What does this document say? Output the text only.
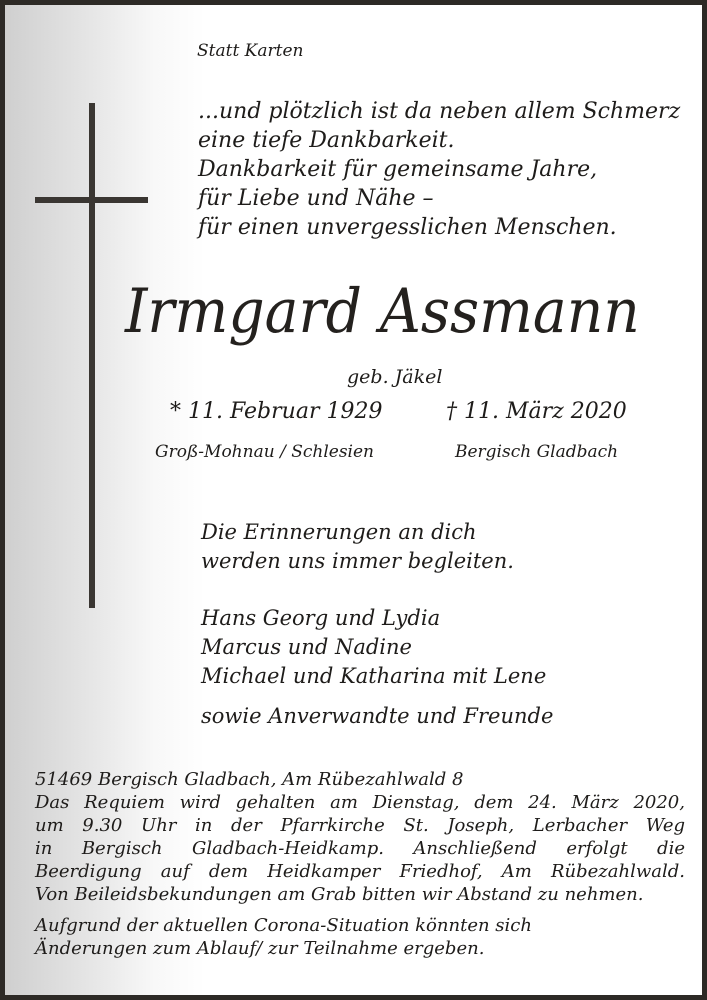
Statt Karten
...und plötzlich ist da neben allem Schmerz
eine tiefe Dankbarkeit.
Dankbarkeit für gemeinsame Jahre,
für Liebe und Nähe –
für einen unvergesslichen Menschen.
Irmgard Assmann
geb. Jäkel
* 11. Februar 1929	† 11. März 2020
Groß-Mohnau / Schlesien	Bergisch Gladbach
Die Erinnerungen an dich
werden uns immer begleiten.
Hans Georg und Lydia
Marcus und Nadine
Michael und Katharina mit Lene
sowie Anverwandte und Freunde
51469 Bergisch Gladbach, Am Rübezahlwald 8
Das Requiem wird gehalten am Dienstag, dem 24. März 2020,
um 9.30 Uhr in der Pfarrkirche St. Joseph, Lerbacher Weg
in Bergisch Gladbach-Heidkamp. Anschließend erfolgt die
Beerdigung auf dem Heidkamper Friedhof, Am Rübezahlwald.
Von Beileidsbekundungen am Grab bitten wir Abstand zu nehmen.
Aufgrund der aktuellen Corona-Situation könnten sich
Änderungen zum Ablauf/ zur Teilnahme ergeben.
